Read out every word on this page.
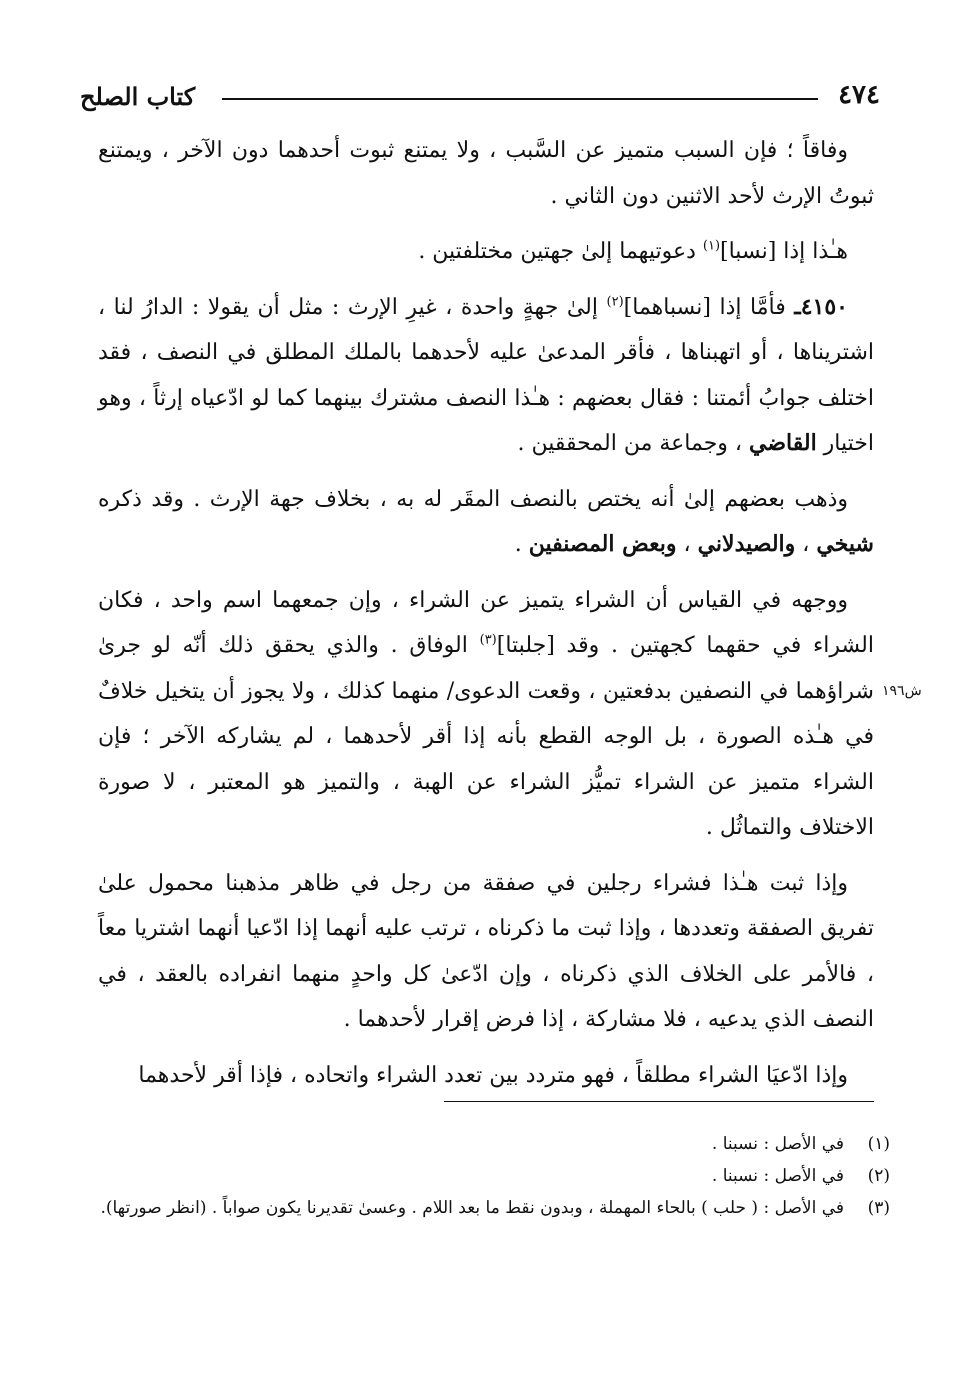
٤٧٤
كتاب الصلح

وفاقاً ؛ فإن السبب متميز عن السَّبب ، ولا يمتنع ثبوت أحدهما دون الآخر ، ويمتنع ثبوتُ الإرث لأحد الاثنين دون الثاني .

هـٰذا إذا [نسبا]$^{(١)}$ دعوتيهما إلىٰ جهتين مختلفتين .

٤١٥٠ـ فأمَّا إذا [نسباهما]$^{(٢)}$ إلىٰ جهةٍ واحدة ، غيرِ الإرث : مثل أن يقولا : الدارُ لنا ، اشتريناها ، أو اتهبناها ، فأقر المدعىٰ عليه لأحدهما بالملك المطلق في النصف ، فقد اختلف جوابُ أئمتنا : فقال بعضهم : هـٰذا النصف مشترك بينهما كما لو ادّعياه إرثاً ، وهو اختيار القاضي ، وجماعة من المحققين .

وذهب بعضهم إلىٰ أنه يختص بالنصف المقَر له به ، بخلاف جهة الإرث . وقد ذكره شيخي ، والصيدلاني ، وبعض المصنفين .

ووجهه في القياس أن الشراء يتميز عن الشراء ، وإن جمعهما اسم واحد ، فكان الشراء في حقهما كجهتين . وقد [جلبتا]$^{(٣)}$ الوفاق . والذي يحقق ذلك أنّه لو جرىٰ شراؤهما في النصفين بدفعتين ، وقعت الدعوى/ منهما كذلك ، ولا يجوز أن يتخيل خلافٌ في هـٰذه الصورة ، بل الوجه القطع بأنه إذا أقر لأحدهما ، لم يشاركه الآخر ؛ فإن الشراء متميز عن الشراء تميُّز الشراء عن الهبة ، والتميز هو المعتبر ، لا صورة الاختلاف والتماثُل .

وإذا ثبت هـٰذا فشراء رجلين في صفقة من رجل في ظاهر مذهبنا محمول علىٰ تفريق الصفقة وتعددها ، وإذا ثبت ما ذكرناه ، ترتب عليه أنهما إذا ادّعيا أنهما اشتريا معاً ، فالأمر على الخلاف الذي ذكرناه ، وإن ادّعىٰ كل واحدٍ منهما انفراده بالعقد ، في النصف الذي يدعيه ، فلا مشاركة ، إذا فرض إقرار لأحدهما .

وإذا ادّعيَا الشراء مطلقاً ، فهو متردد بين تعدد الشراء واتحاده ، فإذا أقر لأحدهما

ش١٩٦
(١)
في الأصل : نسبنا .
(٢)
في الأصل : نسبنا .
(٣)
في الأصل : ( حلب ) بالحاء المهملة ، وبدون نقط ما بعد اللام . وعسىٰ تقديرنا يكون صواباً . (انظر صورتها).
